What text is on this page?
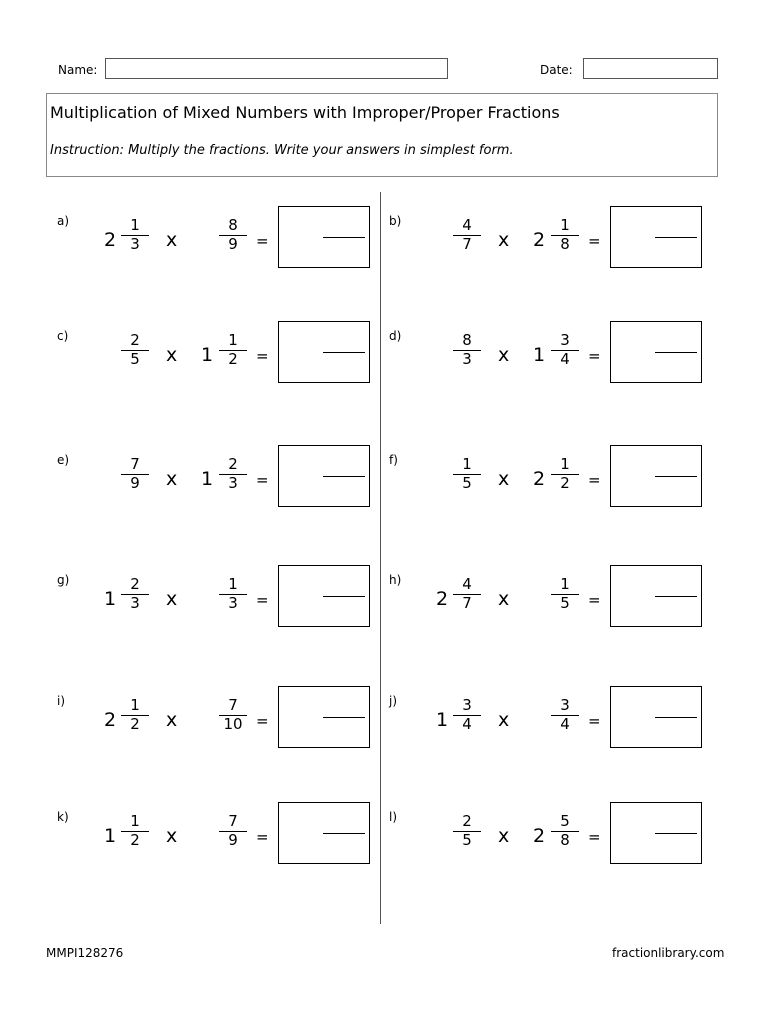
Name:	Date:
Multiplication of Mixed Numbers with Improper/Proper Fractions
Instruction: Multiply the fractions. Write your answers in simplest form.
a)
2
1
3	x
8
9	=
b)	4
7	x 2
1
8	=
c)	2
5	x 1
1
2	=
d)	8
3	x 1
3
4	=
e)	7
9	x 1
2
3	=
f)	1
5	x 2
1
2	=
g)
1
2
3	x
1
3	=
h)
2
4
7	x
1
5	=
i)
2
1
2	x
7
10 =
j)
1
3
4	x
3
4	=
k)
1
1
2	x
7
9	=
l)	2
5	x 2
5
8	=
MMPI128276	fractionlibrary.com
